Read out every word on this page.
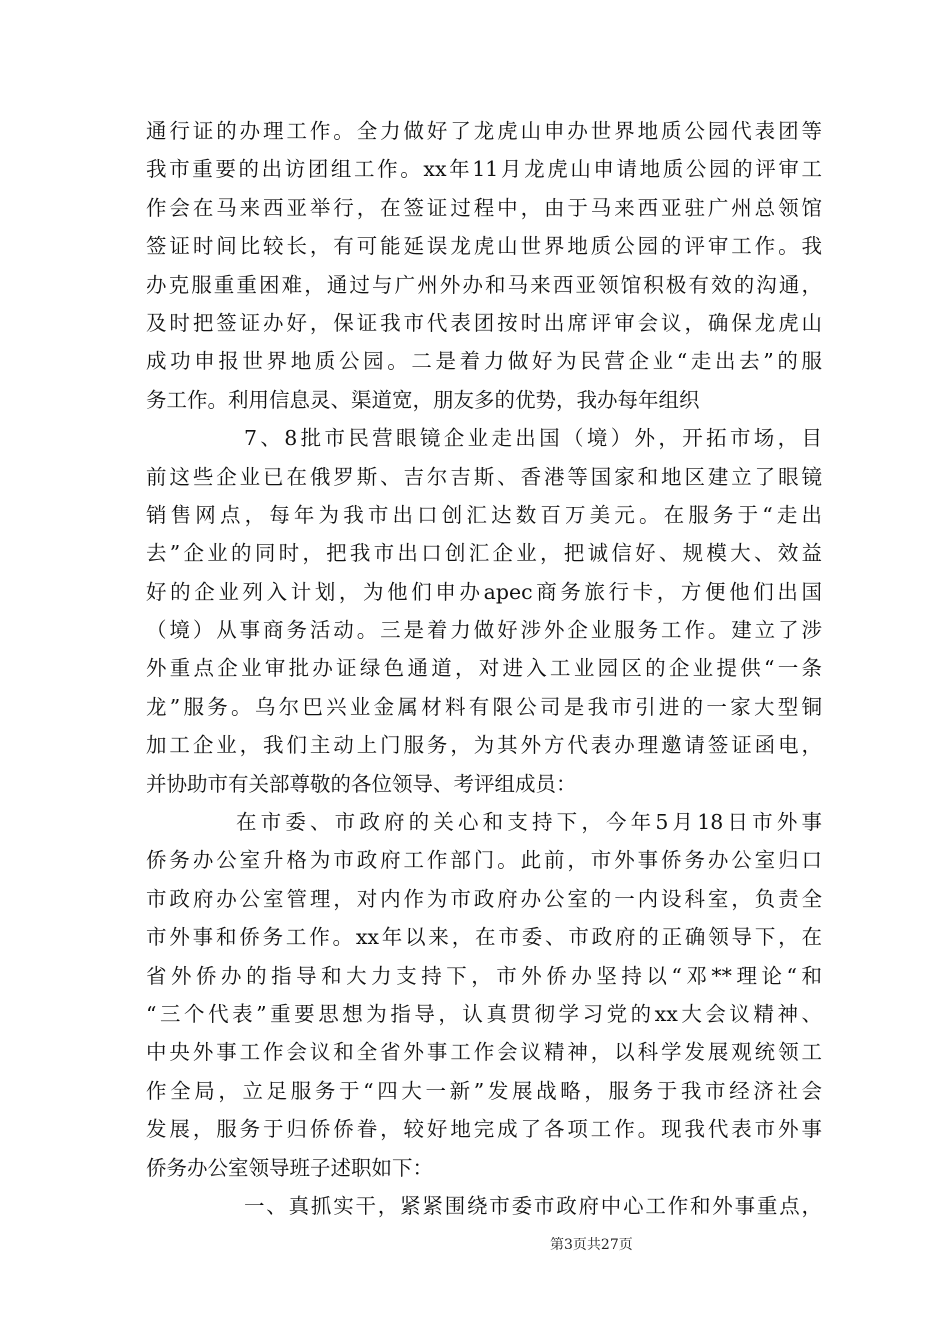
通行证的办理工作。全力做好了龙虎山申办世界地质公园代表团等
我市重要的出访团组工作。xx年11月龙虎山申请地质公园的评审工
作会在马来西亚举行，在签证过程中，由于马来西亚驻广州总领馆
签证时间比较长，有可能延误龙虎山世界地质公园的评审工作。我
办克服重重困难，通过与广州外办和马来西亚领馆积极有效的沟通，
及时把签证办好，保证我市代表团按时出席评审会议，确保龙虎山
成功申报世界地质公园。二是着力做好为民营企业“走出去”的服
务工作。利用信息灵、渠道宽，朋友多的优势，我办每年组织
7、8批市民营眼镜企业走出国（境）外，开拓市场，目
前这些企业已在俄罗斯、吉尔吉斯、香港等国家和地区建立了眼镜
销售网点，每年为我市出口创汇达数百万美元。在服务于“走出
去”企业的同时，把我市出口创汇企业，把诚信好、规模大、效益
好的企业列入计划，为他们申办apec商务旅行卡，方便他们出国
（境）从事商务活动。三是着力做好涉外企业服务工作。建立了涉
外重点企业审批办证绿色通道，对进入工业园区的企业提供“一条
龙”服务。乌尔巴兴业金属材料有限公司是我市引进的一家大型铜
加工企业，我们主动上门服务，为其外方代表办理邀请签证函电，
并协助市有关部尊敬的各位领导、考评组成员：
在市委、市政府的关心和支持下，今年5月18日市外事
侨务办公室升格为市政府工作部门。此前，市外事侨务办公室归口
市政府办公室管理，对内作为市政府办公室的一内设科室，负责全
市外事和侨务工作。xx年以来，在市委、市政府的正确领导下，在
省外侨办的指导和大力支持下，市外侨办坚持以“邓**理论“和
“三个代表”重要思想为指导，认真贯彻学习党的xx大会议精神、
中央外事工作会议和全省外事工作会议精神，以科学发展观统领工
作全局，立足服务于“四大一新”发展战略，服务于我市经济社会
发展，服务于归侨侨眷，较好地完成了各项工作。现我代表市外事
侨务办公室领导班子述职如下：
一、真抓实干，紧紧围绕市委市政府中心工作和外事重点，
第3页共27页
